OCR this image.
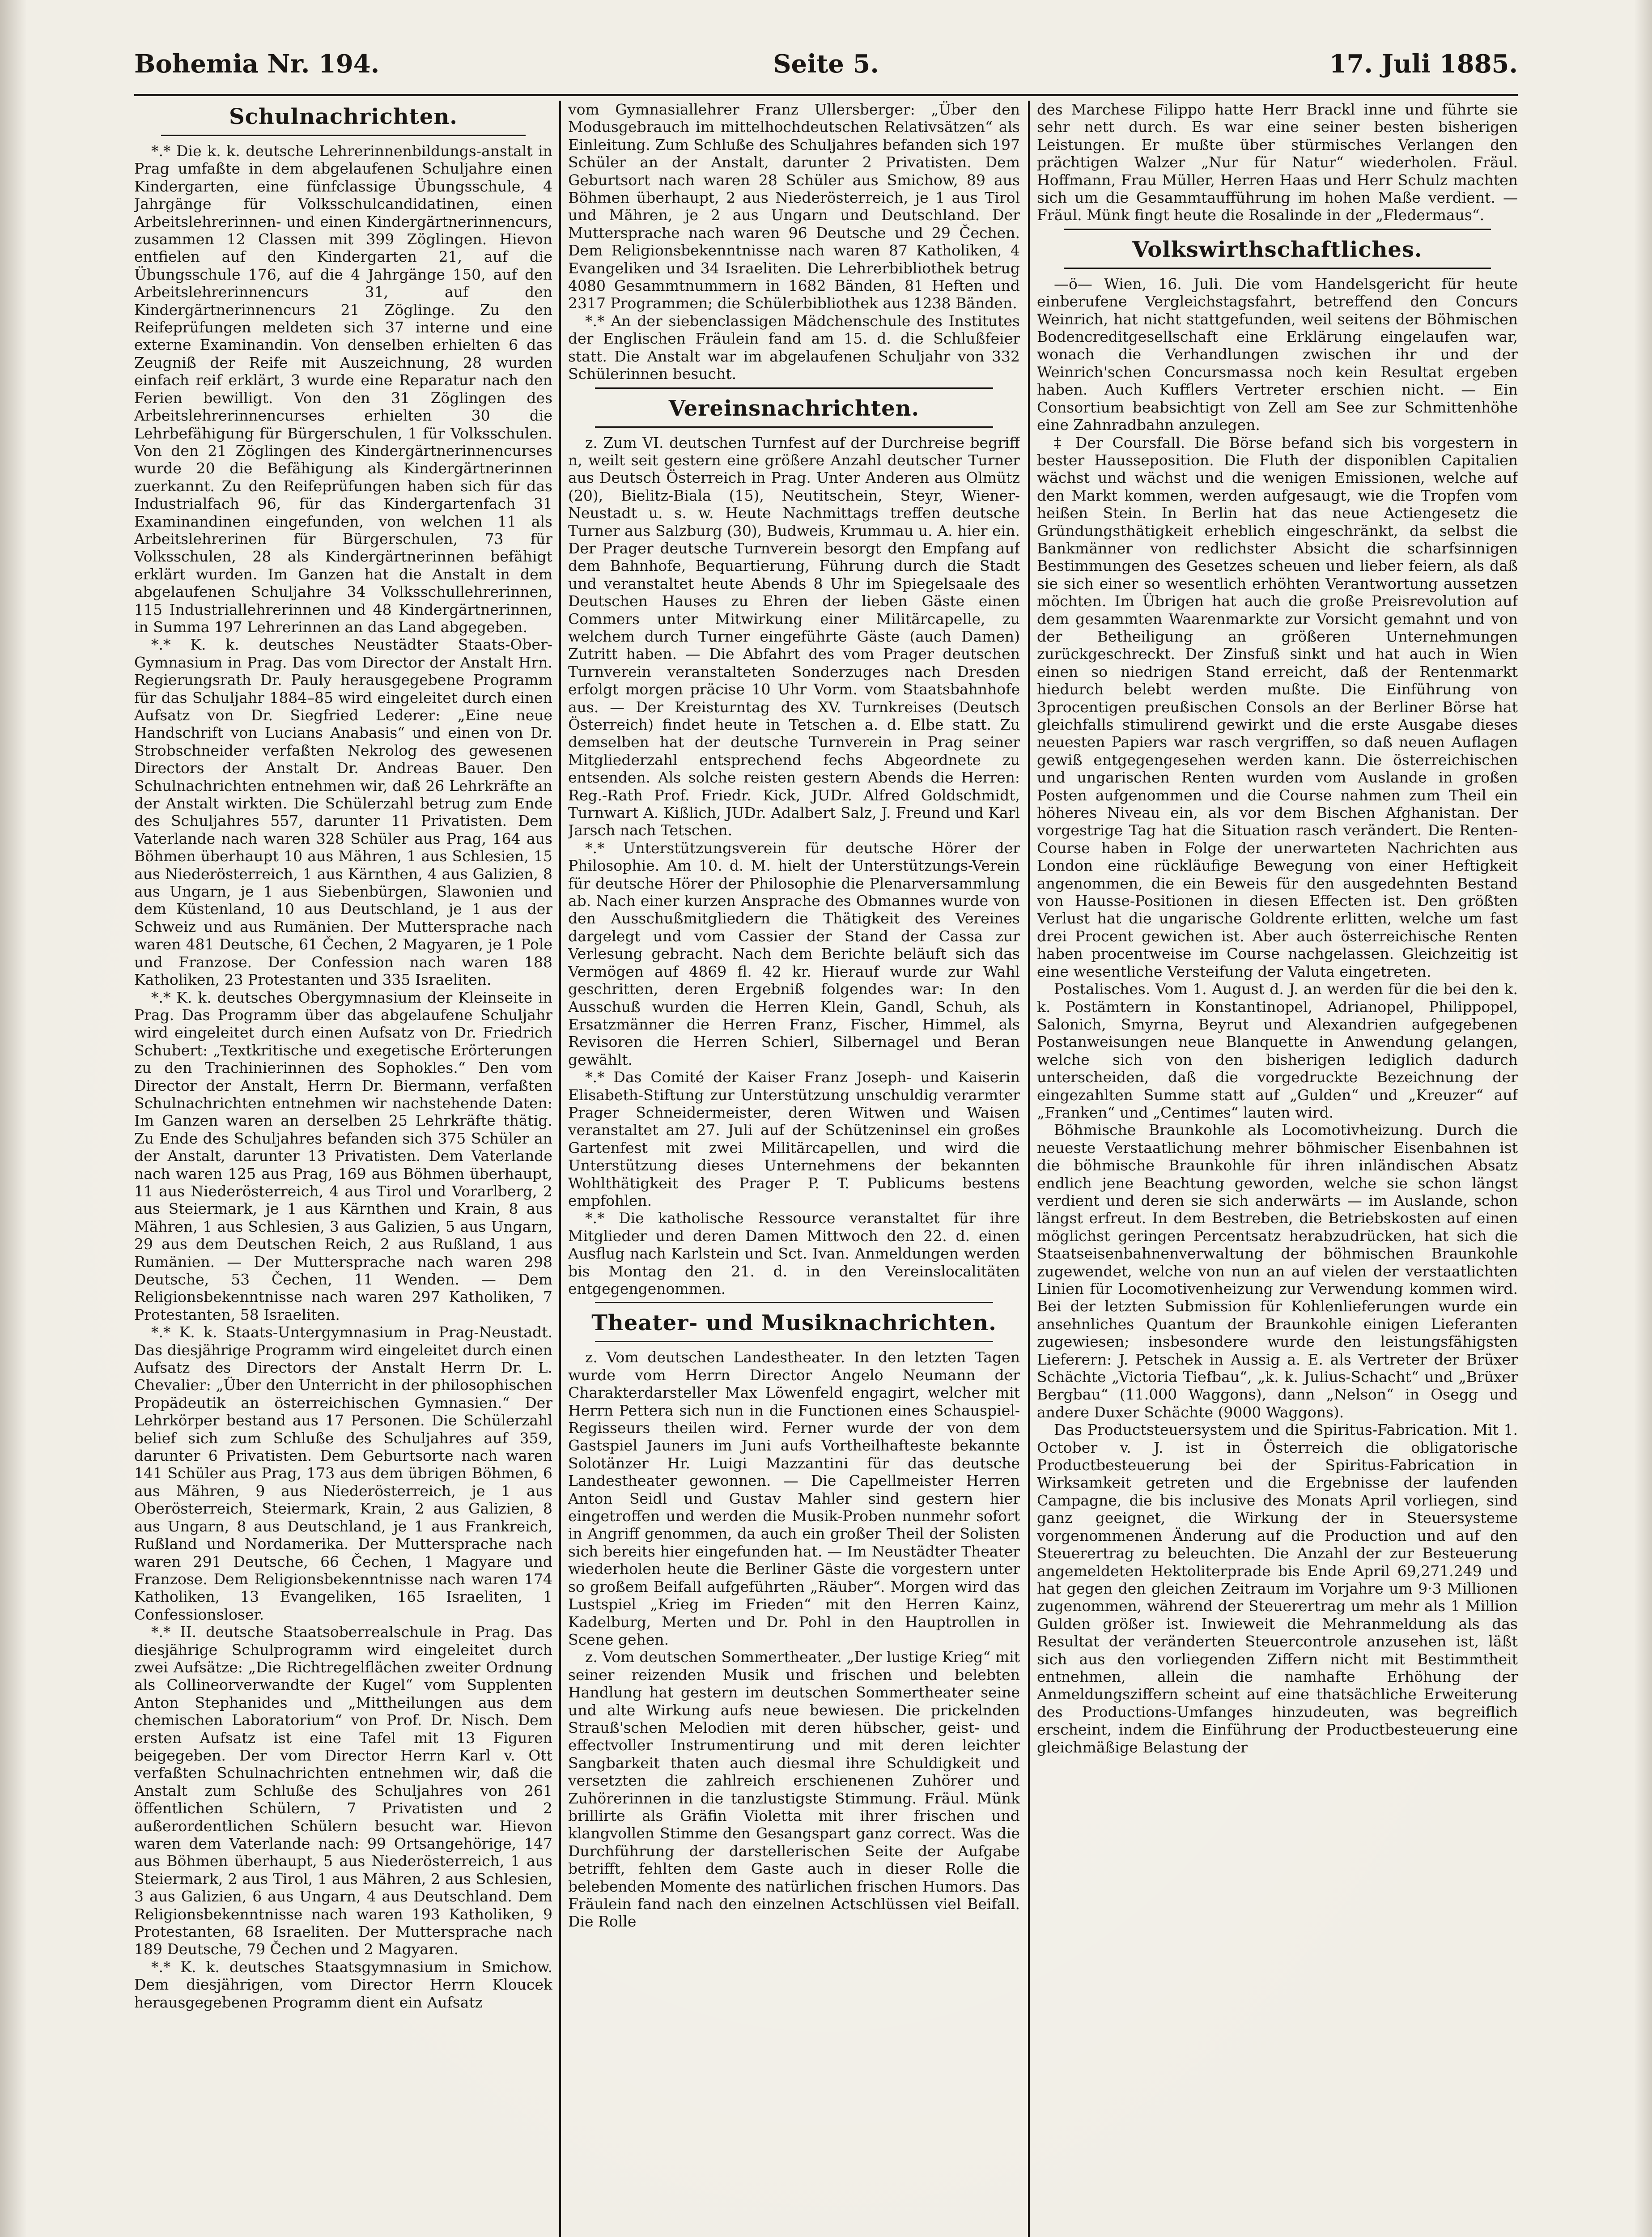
Bohemia Nr. 194.	Seite 5.	17. Juli 1885.
Schulnachrichten.

*.* Die k. k. deutsche Lehrerinnenbildungs-anstalt in Prag umfaßte in dem abgelaufenen Schuljahre einen Kindergarten, eine fünfclassige Übungsschule, 4 Jahrgänge für Volksschulcandidatinen, einen Arbeitslehrerinnen- und einen Kindergärtnerinnencurs, zusammen 12 Classen mit 399 Zöglingen. Hievon entfielen auf den Kindergarten 21, auf die Übungsschule 176, auf die 4 Jahrgänge 150, auf den Arbeitslehrerinnencurs 31, auf den Kindergärtnerinnencurs 21 Zöglinge. Zu den Reifeprüfungen meldeten sich 37 interne und eine externe Examinandin. Von denselben erhielten 6 das Zeugniß der Reife mit Auszeichnung, 28 wurden einfach reif erklärt, 3 wurde eine Reparatur nach den Ferien bewilligt. Von den 31 Zöglingen des Arbeitslehrerinnencurses erhielten 30 die Lehrbefähigung für Bürgerschulen, 1 für Volksschulen. Von den 21 Zöglingen des Kindergärtnerinnencurses wurde 20 die Befähigung als Kindergärtnerinnen zuerkannt. Zu den Reifeprüfungen haben sich für das Industrialfach 96, für das Kindergartenfach 31 Examinandinen eingefunden, von welchen 11 als Arbeitslehrerinen für Bürgerschulen, 73 für Volksschulen, 28 als Kindergärtnerinnen befähigt erklärt wurden. Im Ganzen hat die Anstalt in dem abgelaufenen Schuljahre 34 Volksschullehrerinnen, 115 Industriallehrerinnen und 48 Kindergärtnerinnen, in Summa 197 Lehrerinnen an das Land abgegeben.

*.* K. k. deutsches Neustädter Staats-Ober-Gymnasium in Prag. Das vom Director der Anstalt Hrn. Regierungsrath Dr. Pauly herausgegebene Programm für das Schuljahr 1884–85 wird eingeleitet durch einen Aufsatz von Dr. Siegfried Lederer: „Eine neue Handschrift von Lucians Anabasis“ und einen von Dr. Strobschneider verfaßten Nekrolog des gewesenen Directors der Anstalt Dr. Andreas Bauer. Den Schulnachrichten entnehmen wir, daß 26 Lehrkräfte an der Anstalt wirkten. Die Schülerzahl betrug zum Ende des Schuljahres 557, darunter 11 Privatisten. Dem Vaterlande nach waren 328 Schüler aus Prag, 164 aus Böhmen überhaupt 10 aus Mähren, 1 aus Schlesien, 15 aus Niederösterreich, 1 aus Kärnthen, 4 aus Galizien, 8 aus Ungarn, je 1 aus Siebenbürgen, Slawonien und dem Küstenland, 10 aus Deutschland, je 1 aus der Schweiz und aus Rumänien. Der Muttersprache nach waren 481 Deutsche, 61 Čechen, 2 Magyaren, je 1 Pole und Franzose. Der Confession nach waren 188 Katholiken, 23 Protestanten und 335 Israeliten.

*.* K. k. deutsches Obergymnasium der Kleinseite in Prag. Das Programm über das abgelaufene Schuljahr wird eingeleitet durch einen Aufsatz von Dr. Friedrich Schubert: „Textkritische und exegetische Erörterungen zu den Trachinierinnen des Sophokles.“ Den vom Director der Anstalt, Herrn Dr. Biermann, verfaßten Schulnachrichten entnehmen wir nachstehende Daten: Im Ganzen waren an derselben 25 Lehrkräfte thätig. Zu Ende des Schuljahres befanden sich 375 Schüler an der Anstalt, darunter 13 Privatisten. Dem Vaterlande nach waren 125 aus Prag, 169 aus Böhmen überhaupt, 11 aus Niederösterreich, 4 aus Tirol und Vorarlberg, 2 aus Steiermark, je 1 aus Kärnthen und Krain, 8 aus Mähren, 1 aus Schlesien, 3 aus Galizien, 5 aus Ungarn, 29 aus dem Deutschen Reich, 2 aus Rußland, 1 aus Rumänien. — Der Muttersprache nach waren 298 Deutsche, 53 Čechen, 11 Wenden. — Dem Religionsbekenntnisse nach waren 297 Katholiken, 7 Protestanten, 58 Israeliten.

*.* K. k. Staats-Untergymnasium in Prag-Neustadt. Das diesjährige Programm wird eingeleitet durch einen Aufsatz des Directors der Anstalt Herrn Dr. L. Chevalier: „Über den Unterricht in der philosophischen Propädeutik an österreichischen Gymnasien.“ Der Lehrkörper bestand aus 17 Personen. Die Schülerzahl belief sich zum Schluße des Schuljahres auf 359, darunter 6 Privatisten. Dem Geburtsorte nach waren 141 Schüler aus Prag, 173 aus dem übrigen Böhmen, 6 aus Mähren, 9 aus Niederösterreich, je 1 aus Oberösterreich, Steiermark, Krain, 2 aus Galizien, 8 aus Ungarn, 8 aus Deutschland, je 1 aus Frankreich, Rußland und Nordamerika. Der Muttersprache nach waren 291 Deutsche, 66 Čechen, 1 Magyare und Franzose. Dem Religionsbekenntnisse nach waren 174 Katholiken, 13 Evangeliken, 165 Israeliten, 1 Confessionsloser.

*.* II. deutsche Staatsoberrealschule in Prag. Das diesjährige Schulprogramm wird eingeleitet durch zwei Aufsätze: „Die Richtregelflächen zweiter Ordnung als Collineorverwandte der Kugel“ vom Supplenten Anton Stephanides und „Mittheilungen aus dem chemischen Laboratorium“ von Prof. Dr. Nisch. Dem ersten Aufsatz ist eine Tafel mit 13 Figuren beigegeben. Der vom Director Herrn Karl v. Ott verfaßten Schulnachrichten entnehmen wir, daß die Anstalt zum Schluße des Schuljahres von 261 öffentlichen Schülern, 7 Privatisten und 2 außerordentlichen Schülern besucht war. Hievon waren dem Vaterlande nach: 99 Ortsangehörige, 147 aus Böhmen überhaupt, 5 aus Niederösterreich, 1 aus Steiermark, 2 aus Tirol, 1 aus Mähren, 2 aus Schlesien, 3 aus Galizien, 6 aus Ungarn, 4 aus Deutschland. Dem Religionsbekenntnisse nach waren 193 Katholiken, 9 Protestanten, 68 Israeliten. Der Muttersprache nach 189 Deutsche, 79 Čechen und 2 Magyaren.

*.* K. k. deutsches Staatsgymnasium in Smichow. Dem diesjährigen, vom Director Herrn Kloucek herausgegebenen Programm dient ein Aufsatz

vom Gymnasiallehrer Franz Ullersberger: „Über den Modusgebrauch im mittelhochdeutschen Relativsätzen“ als Einleitung. Zum Schluße des Schuljahres befanden sich 197 Schüler an der Anstalt, darunter 2 Privatisten. Dem Geburtsort nach waren 28 Schüler aus Smichow, 89 aus Böhmen überhaupt, 2 aus Niederösterreich, je 1 aus Tirol und Mähren, je 2 aus Ungarn und Deutschland. Der Muttersprache nach waren 96 Deutsche und 29 Čechen. Dem Religionsbekenntnisse nach waren 87 Katholiken, 4 Evangeliken und 34 Israeliten. Die Lehrerbibliothek betrug 4080 Gesammtnummern in 1682 Bänden, 81 Heften und 2317 Programmen; die Schülerbibliothek aus 1238 Bänden.

*.* An der siebenclassigen Mädchenschule des Institutes der Englischen Fräulein fand am 15. d. die Schlußfeier statt. Die Anstalt war im abgelaufenen Schuljahr von 332 Schülerinnen besucht.

Vereinsnachrichten.

z. Zum VI. deutschen Turnfest auf der Durchreise begriff n, weilt seit gestern eine größere Anzahl deutscher Turner aus Deutsch Österreich in Prag. Unter Anderen aus Olmütz (20), Bielitz-Biala (15), Neutitschein, Steyr, Wiener-Neustadt u. s. w. Heute Nachmittags treffen deutsche Turner aus Salzburg (30), Budweis, Krummau u. A. hier ein. Der Prager deutsche Turnverein besorgt den Empfang auf dem Bahnhofe, Bequartierung, Führung durch die Stadt und veranstaltet heute Abends 8 Uhr im Spiegelsaale des Deutschen Hauses zu Ehren der lieben Gäste einen Commers unter Mitwirkung einer Militärcapelle, zu welchem durch Turner eingeführte Gäste (auch Damen) Zutritt haben. — Die Abfahrt des vom Prager deutschen Turnverein veranstalteten Sonderzuges nach Dresden erfolgt morgen präcise 10 Uhr Vorm. vom Staatsbahnhofe aus. — Der Kreisturntag des XV. Turnkreises (Deutsch Österreich) findet heute in Tetschen a. d. Elbe statt. Zu demselben hat der deutsche Turnverein in Prag seiner Mitgliederzahl entsprechend fechs Abgeordnete zu entsenden. Als solche reisten gestern Abends die Herren: Reg.-Rath Prof. Friedr. Kick, JUDr. Alfred Goldschmidt, Turnwart A. Kißlich, JUDr. Adalbert Salz, J. Freund und Karl Jarsch nach Tetschen.

*.* Unterstützungsverein für deutsche Hörer der Philosophie. Am 10. d. M. hielt der Unterstützungs-Verein für deutsche Hörer der Philosophie die Plenarversammlung ab. Nach einer kurzen Ansprache des Obmannes wurde von den Ausschußmitgliedern die Thätigkeit des Vereines dargelegt und vom Cassier der Stand der Cassa zur Verlesung gebracht. Nach dem Berichte beläuft sich das Vermögen auf 4869 fl. 42 kr. Hierauf wurde zur Wahl geschritten, deren Ergebniß folgendes war: In den Ausschuß wurden die Herren Klein, Gandl, Schuh, als Ersatzmänner die Herren Franz, Fischer, Himmel, als Revisoren die Herren Schierl, Silbernagel und Beran gewählt.

*.* Das Comité der Kaiser Franz Joseph- und Kaiserin Elisabeth-Stiftung zur Unterstützung unschuldig verarmter Prager Schneidermeister, deren Witwen und Waisen veranstaltet am 27. Juli auf der Schützeninsel ein großes Gartenfest mit zwei Militärcapellen, und wird die Unterstützung dieses Unternehmens der bekannten Wohlthätigkeit des Prager P. T. Publicums bestens empfohlen.

*.* Die katholische Ressource veranstaltet für ihre Mitglieder und deren Damen Mittwoch den 22. d. einen Ausflug nach Karlstein und Sct. Ivan. Anmeldungen werden bis Montag den 21. d. in den Vereinslocalitäten entgegengenommen.

Theater- und Musiknachrichten.

z. Vom deutschen Landestheater. In den letzten Tagen wurde vom Herrn Director Angelo Neumann der Charakterdarsteller Max Löwenfeld engagirt, welcher mit Herrn Pettera sich nun in die Functionen eines Schauspiel-Regisseurs theilen wird. Ferner wurde der von dem Gastspiel Jauners im Juni aufs Vortheilhafteste bekannte Solotänzer Hr. Luigi Mazzantini für das deutsche Landestheater gewonnen. — Die Capellmeister Herren Anton Seidl und Gustav Mahler sind gestern hier eingetroffen und werden die Musik-Proben nunmehr sofort in Angriff genommen, da auch ein großer Theil der Solisten sich bereits hier eingefunden hat. — Im Neustädter Theater wiederholen heute die Berliner Gäste die vorgestern unter so großem Beifall aufgeführten „Räuber“. Morgen wird das Lustspiel „Krieg im Frieden“ mit den Herren Kainz, Kadelburg, Merten und Dr. Pohl in den Hauptrollen in Scene gehen.

z. Vom deutschen Sommertheater. „Der lustige Krieg“ mit seiner reizenden Musik und frischen und belebten Handlung hat gestern im deutschen Sommertheater seine und alte Wirkung aufs neue bewiesen. Die prickelnden Strauß'schen Melodien mit deren hübscher, geist- und effectvoller Instrumentirung und mit deren leichter Sangbarkeit thaten auch diesmal ihre Schuldigkeit und versetzten die zahlreich erschienenen Zuhörer und Zuhörerinnen in die tanzlustigste Stimmung. Fräul. Münk brillirte als Gräfin Violetta mit ihrer frischen und klangvollen Stimme den Gesangspart ganz correct. Was die Durchführung der darstellerischen Seite der Aufgabe betrifft, fehlten dem Gaste auch in dieser Rolle die belebenden Momente des natürlichen frischen Humors. Das Fräulein fand nach den einzelnen Actschlüssen viel Beifall. Die Rolle

des Marchese Filippo hatte Herr Brackl inne und führte sie sehr nett durch. Es war eine seiner besten bisherigen Leistungen. Er mußte über stürmisches Verlangen den prächtigen Walzer „Nur für Natur“ wiederholen. Fräul. Hoffmann, Frau Müller, Herren Haas und Herr Schulz machten sich um die Gesammtaufführung im hohen Maße verdient. — Fräul. Münk fingt heute die Rosalinde in der „Fledermaus“.

Volkswirthschaftliches.

—ö— Wien, 16. Juli. Die vom Handelsgericht für heute einberufene Vergleichstagsfahrt, betreffend den Concurs Weinrich, hat nicht stattgefunden, weil seitens der Böhmischen Bodencreditgesellschaft eine Erklärung eingelaufen war, wonach die Verhandlungen zwischen ihr und der Weinrich'schen Concursmassa noch kein Resultat ergeben haben. Auch Kufflers Vertreter erschien nicht. — Ein Consortium beabsichtigt von Zell am See zur Schmittenhöhe eine Zahnradbahn anzulegen.

‡ Der Coursfall. Die Börse befand sich bis vorgestern in bester Hausseposition. Die Fluth der disponiblen Capitalien wächst und wächst und die wenigen Emissionen, welche auf den Markt kommen, werden aufgesaugt, wie die Tropfen vom heißen Stein. In Berlin hat das neue Actiengesetz die Gründungsthätigkeit erheblich eingeschränkt, da selbst die Bankmänner von redlichster Absicht die scharfsinnigen Bestimmungen des Gesetzes scheuen und lieber feiern, als daß sie sich einer so wesentlich erhöhten Verantwortung aussetzen möchten. Im Übrigen hat auch die große Preisrevolution auf dem gesammten Waarenmarkte zur Vorsicht gemahnt und von der Betheiligung an größeren Unternehmungen zurückgeschreckt. Der Zinsfuß sinkt und hat auch in Wien einen so niedrigen Stand erreicht, daß der Rentenmarkt hiedurch belebt werden mußte. Die Einführung von 3procentigen preußischen Consols an der Berliner Börse hat gleichfalls stimulirend gewirkt und die erste Ausgabe dieses neuesten Papiers war rasch vergriffen, so daß neuen Auflagen gewiß entgegengesehen werden kann. Die österreichischen und ungarischen Renten wurden vom Auslande in großen Posten aufgenommen und die Course nahmen zum Theil ein höheres Niveau ein, als vor dem Bischen Afghanistan. Der vorgestrige Tag hat die Situation rasch verändert. Die Renten-Course haben in Folge der unerwarteten Nachrichten aus London eine rückläufige Bewegung von einer Heftigkeit angenommen, die ein Beweis für den ausgedehnten Bestand von Hausse-Positionen in diesen Effecten ist. Den größten Verlust hat die ungarische Goldrente erlitten, welche um fast drei Procent gewichen ist. Aber auch österreichische Renten haben procentweise im Course nachgelassen. Gleichzeitig ist eine wesentliche Versteifung der Valuta eingetreten.

Postalisches. Vom 1. August d. J. an werden für die bei den k. k. Postämtern in Konstantinopel, Adrianopel, Philippopel, Salonich, Smyrna, Beyrut und Alexandrien aufgegebenen Postanweisungen neue Blanquette in Anwendung gelangen, welche sich von den bisherigen lediglich dadurch unterscheiden, daß die vorgedruckte Bezeichnung der eingezahlten Summe statt auf „Gulden“ und „Kreuzer“ auf „Franken“ und „Centimes“ lauten wird.

Böhmische Braunkohle als Locomotivheizung. Durch die neueste Verstaatlichung mehrer böhmischer Eisenbahnen ist die böhmische Braunkohle für ihren inländischen Absatz endlich jene Beachtung geworden, welche sie schon längst verdient und deren sie sich anderwärts — im Auslande, schon längst erfreut. In dem Bestreben, die Betriebskosten auf einen möglichst geringen Percentsatz herabzudrücken, hat sich die Staatseisenbahnenverwaltung der böhmischen Braunkohle zugewendet, welche von nun an auf vielen der verstaatlichten Linien für Locomotivenheizung zur Verwendung kommen wird. Bei der letzten Submission für Kohlenlieferungen wurde ein ansehnliches Quantum der Braunkohle einigen Lieferanten zugewiesen; insbesondere wurde den leistungsfähigsten Lieferern: J. Petschek in Aussig a. E. als Vertreter der Brüxer Schächte „Victoria Tiefbau“, „k. k. Julius-Schacht“ und „Brüxer Bergbau“ (11.000 Waggons), dann „Nelson“ in Osegg und andere Duxer Schächte (9000 Waggons).

Das Productsteuersystem und die Spiritus-Fabrication. Mit 1. October v. J. ist in Österreich die obligatorische Productbesteuerung bei der Spiritus-Fabrication in Wirksamkeit getreten und die Ergebnisse der laufenden Campagne, die bis inclusive des Monats April vorliegen, sind ganz geeignet, die Wirkung der in Steuersysteme vorgenommenen Änderung auf die Production und auf den Steuerertrag zu beleuchten. Die Anzahl der zur Besteuerung angemeldeten Hektoliterprade bis Ende April 69,271.249 und hat gegen den gleichen Zeitraum im Vorjahre um 9·3 Millionen zugenommen, während der Steuerertrag um mehr als 1 Million Gulden größer ist. Inwieweit die Mehranmeldung als das Resultat der veränderten Steuercontrole anzusehen ist, läßt sich aus den vorliegenden Ziffern nicht mit Bestimmtheit entnehmen, allein die namhafte Erhöhung der Anmeldungsziffern scheint auf eine thatsächliche Erweiterung des Productions-Umfanges hinzudeuten, was begreiflich erscheint, indem die Einführung der Productbesteuerung eine gleichmäßige Belastung der
